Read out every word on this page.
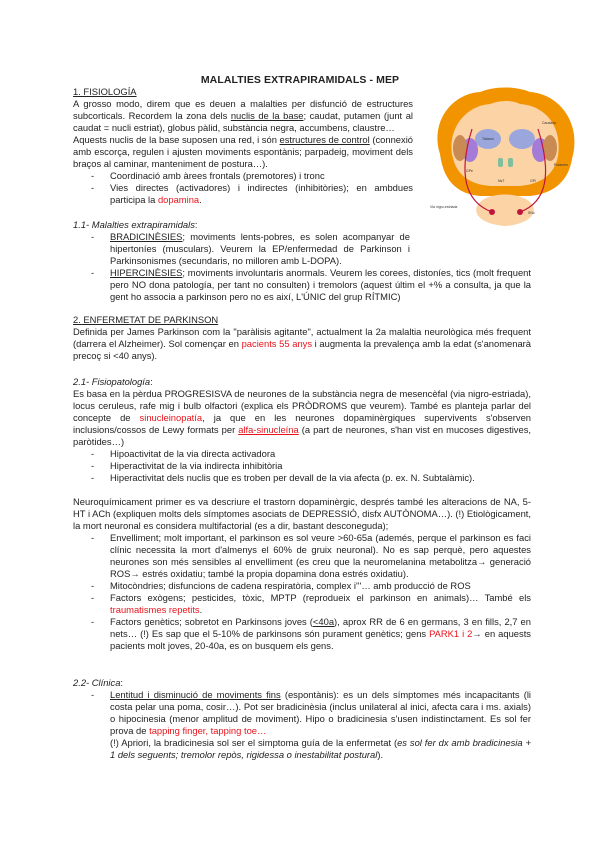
MALALTIES EXTRAPIRAMIDALS - MEP
1. FISIOLOGÍA

A grosso modo, direm que es deuen a malalties per disfunció de estructures subcorticals. Recordem la zona dels nuclis de la base; caudat, putamen (junt al caudat = nucli estriat), globus pàlid, substància negra, accumbens, claustre…

Aquests nuclis de la base suposen una red, i són estructures de control (connexió amb escorça, regulen i ajusten moviments espontànis; parpadeig, moviment dels braços al caminar, manteniment de postura…).

- Coordinació amb àrees frontals (premotores) i tronc
- Vies directes (activadores) i indirectes (inhibitòries); en ambdues participa la dopamina.
Caudado
Tálamo
Putamen
GPe
NsT	GPi
Via nigro-estriada
SNc
1.1- Malalties extrapiramidals:
- BRADICINÈSIES; moviments lents-pobres, es solen acompanyar de hipertoníes (musculars). Veurem la EP/enfermedad de Parkinson i Parkinsonismes (secundaris, no milloren amb L-DOPA).
- HIPERCINÈSIES; moviments involuntaris anormals. Veurem les corees, distoníes, tics (molt frequent pero NO dona patología, per tant no consulten) i tremolors (aquest últim el +% a consulta, ja que la gent ho associa a parkinson pero no es així, L'ÚNIC del grup RÍTMIC)
2. ENFERMETAT DE PARKINSON

Definida per James Parkinson com la "paràlisis agitante", actualment la 2a malaltia neurològica més frequent (darrera el Alzheimer). Sol començar en pacients 55 anys i augmenta la prevalença amb la edat (s'anomenarà precoç si <40 anys).

2.1- Fisiopatología:

Es basa en la pèrdua PROGRESISVA de neurones de la substància negra de mesencèfal (via nigro-estriada), locus ceruleus, rafe mig i bulb olfactori (explica els PRÒDROMS que veurem). També es planteja parlar del concepte de sinucleinopatía, ja que en les neurones dopaminèrgiques supervivents s'observen inclusions/cossos de Lewy formats per alfa-sinucleína (a part de neurones, s'han vist en mucoses digestives, paròtides…)

- Hipoactivitat de la via directa activadora
- Hiperactivitat de la via indirecta inhibitòria
- Hiperactivitat dels nuclis que es troben per devall de la via afecta (p. ex. N. Subtalàmic).

Neuroquímicament primer es va descriure el trastorn dopaminèrgic, després també les alteracions de NA, 5-HT i ACh (expliquen molts dels símptomes asociats de DEPRESSIÓ, disfx AUTÒNOMA…). (!) Etiològicament, la mort neuronal es considera multifactorial (es a dir, bastant desconeguda);

- Envelliment; molt important, el parkinson es sol veure >60-65a (ademés, perque el parkinson es faci clínic necessita la mort d'almenys el 60% de gruix neuronal). No es sap perquè, pero aquestes neurones son més sensibles al envelliment (es creu que la neuromelanina metabolitza→ generació ROS→ estrés oxidatiu; també la propia dopamina dona estrés oxidatiu).
- Mitocòndries; disfuncions de cadena respiratòria, complex i'''… amb producció de ROS
- Factors exògens; pesticides, tòxic, MPTP (reprodueix el parkinson en animals)… També els traumatismes repetits.
- Factors genètics; sobretot en Parkinsons joves (<40a), aprox RR de 6 en germans, 3 en fills, 2,7 en nets… (!) Es sap que el 5-10% de parkinsons són purament genètics; gens PARK1 i 2→ en aquests pacients molt joves, 20-40a, es on busquem els gens.
2.2- Clínica:
- Lentitud i disminució de moviments fins (espontànis): es un dels símptomes més incapacitants (li costa pelar una poma, cosir…). Pot ser bradicinèsia (inclus unilateral al inici, afecta cara i ms. axials) o hipocinesia (menor amplitud de moviment). Hipo o bradicinesia s'usen indistinctament. Es sol fer prova de tapping finger, tapping toe…
(!) Apriori, la bradicinesia sol ser el simptoma guía de la enfermetat (es sol fer dx amb bradicinesia + 1 dels seguents; tremolor repòs, rigidessa o inestabilitat postural).
